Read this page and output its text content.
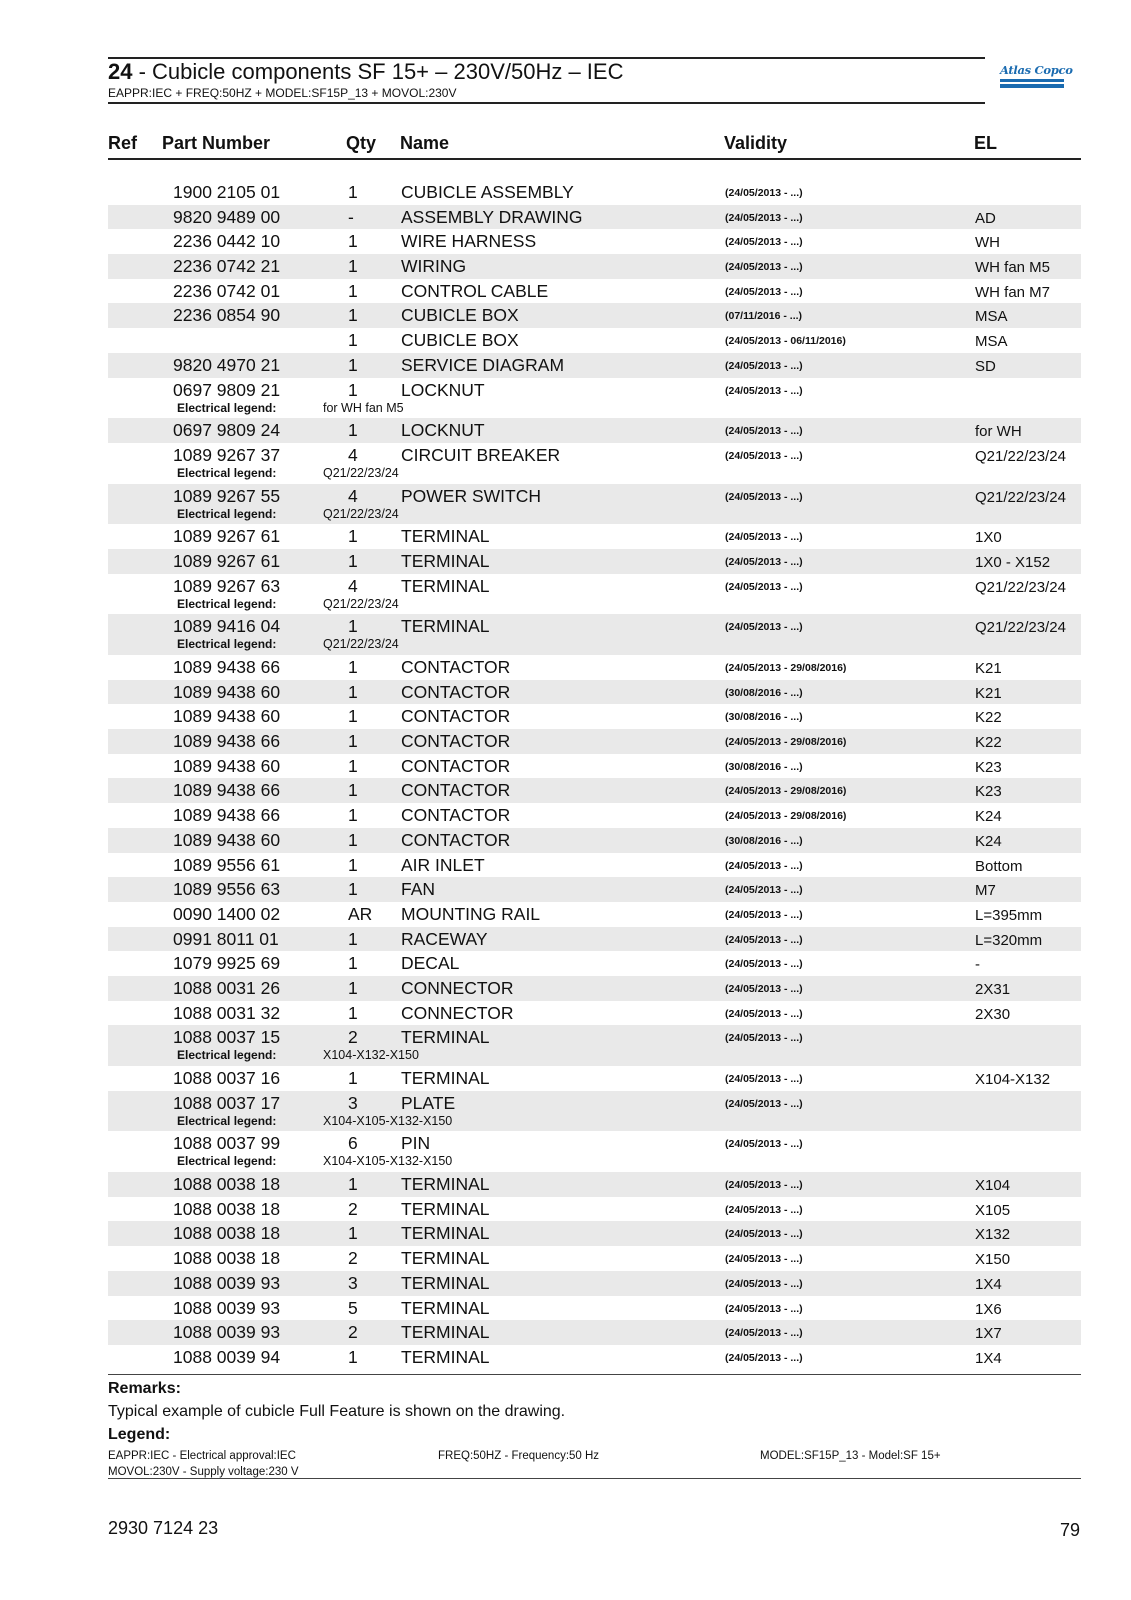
24 - Cubicle components SF 15+ – 230V/50Hz – IEC
EAPPR:IEC + FREQ:50HZ + MODEL:SF15P_13 + MOVOL:230V
Atlas Copco
Ref Part Number	Qty Name	Validity	EL
1900 2105 01	1 CUBICLE ASSEMBLY	(24/05/2013 - ...)
9820 9489 00	-	ASSEMBLY DRAWING	(24/05/2013 - ...)	AD
2236 0442 10	1 WIRE HARNESS	(24/05/2013 - ...)	WH
2236 0742 21	1 WIRING	(24/05/2013 - ...)	WH fan M5
2236 0742 01	1 CONTROL CABLE	(24/05/2013 - ...)	WH fan M7
2236 0854 90	1 CUBICLE BOX	(07/11/2016 - ...)	MSA
1 CUBICLE BOX	(24/05/2013 - 06/11/2016)	MSA
9820 4970 21	1 SERVICE DIAGRAM	(24/05/2013 - ...)	SD
0697 9809 21	1 LOCKNUT	(24/05/2013 - ...)
Electrical legend:	for WH fan M5
0697 9809 24	1 LOCKNUT	(24/05/2013 - ...)	for WH
1089 9267 37	4 CIRCUIT BREAKER	(24/05/2013 - ...)	Q21/22/23/24
Electrical legend:	Q21/22/23/24
1089 9267 55	4 POWER SWITCH	(24/05/2013 - ...)	Q21/22/23/24
Electrical legend:	Q21/22/23/24
1089 9267 61	1 TERMINAL	(24/05/2013 - ...)	1X0
1089 9267 61	1 TERMINAL	(24/05/2013 - ...)	1X0 - X152
1089 9267 63	4 TERMINAL	(24/05/2013 - ...)	Q21/22/23/24
Electrical legend:	Q21/22/23/24
1089 9416 04	1 TERMINAL	(24/05/2013 - ...)	Q21/22/23/24
Electrical legend:	Q21/22/23/24
1089 9438 66	1 CONTACTOR	(24/05/2013 - 29/08/2016)	K21
1089 9438 60	1 CONTACTOR	(30/08/2016 - ...)	K21
1089 9438 60	1 CONTACTOR	(30/08/2016 - ...)	K22
1089 9438 66	1 CONTACTOR	(24/05/2013 - 29/08/2016)	K22
1089 9438 60	1 CONTACTOR	(30/08/2016 - ...)	K23
1089 9438 66	1 CONTACTOR	(24/05/2013 - 29/08/2016)	K23
1089 9438 66	1 CONTACTOR	(24/05/2013 - 29/08/2016)	K24
1089 9438 60	1 CONTACTOR	(30/08/2016 - ...)	K24
1089 9556 61	1 AIR INLET	(24/05/2013 - ...)	Bottom
1089 9556 63	1 FAN	(24/05/2013 - ...)	M7
0090 1400 02	AR MOUNTING RAIL	(24/05/2013 - ...)	L=395mm
0991 8011 01	1 RACEWAY	(24/05/2013 - ...)	L=320mm
1079 9925 69	1 DECAL	(24/05/2013 - ...)	-
1088 0031 26	1 CONNECTOR	(24/05/2013 - ...)	2X31
1088 0031 32	1 CONNECTOR	(24/05/2013 - ...)	2X30
1088 0037 15	2 TERMINAL	(24/05/2013 - ...)
Electrical legend:	X104-X132-X150
1088 0037 16	1 TERMINAL	(24/05/2013 - ...)	X104-X132
1088 0037 17	3 PLATE	(24/05/2013 - ...)
Electrical legend:	X104-X105-X132-X150
1088 0037 99	6 PIN	(24/05/2013 - ...)
Electrical legend:	X104-X105-X132-X150
1088 0038 18	1 TERMINAL	(24/05/2013 - ...)	X104
1088 0038 18	2 TERMINAL	(24/05/2013 - ...)	X105
1088 0038 18	1 TERMINAL	(24/05/2013 - ...)	X132
1088 0038 18	2 TERMINAL	(24/05/2013 - ...)	X150
1088 0039 93	3 TERMINAL	(24/05/2013 - ...)	1X4
1088 0039 93	5 TERMINAL	(24/05/2013 - ...)	1X6
1088 0039 93	2 TERMINAL	(24/05/2013 - ...)	1X7
1088 0039 94	1 TERMINAL	(24/05/2013 - ...)	1X4
Remarks:
Typical example of cubicle Full Feature is shown on the drawing.
Legend:
EAPPR:IEC - Electrical approval:IEC	FREQ:50HZ - Frequency:50 Hz	MODEL:SF15P_13 - Model:SF 15+
MOVOL:230V - Supply voltage:230 V
2930 7124 23	79
